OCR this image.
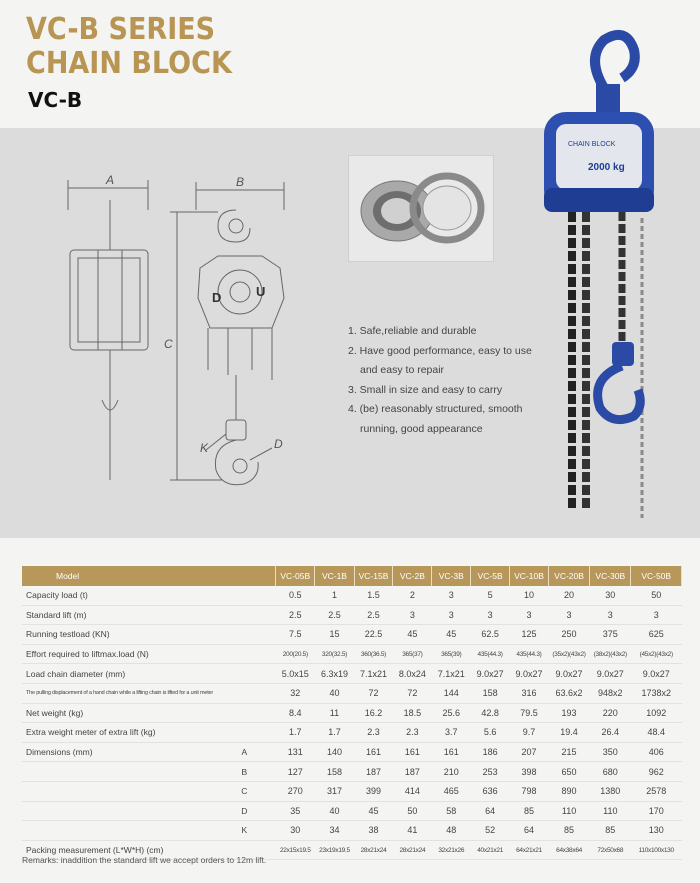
VC-B SERIES
CHAIN BLOCK
VC-B
A	B
C
D
K
D	U
1. Safe,reliable and durable
2. Have good performance, easy to use
and easy to repair
3. Small in size and easy to carry
4. (be) reasonably structured, smooth
running, good appearance
CHAIN BLOCK
2000 kg
Model		VC-05B	VC-1B	VC-15B	VC-2B	VC-3B	VC-5B	VC-10B	VC-20B	VC-30B	VC-50B
Capacity load (t)		0.5	1	1.5	2	3	5	10	20	30	50
Standard lift (m)		2.5	2.5	2.5	3	3	3	3	3	3	3
Running testload (KN)		7.5	15	22.5	45	45	62.5	125	250	375	625
Effort required to liftmax.load (N)		200(20.5)	320(32.5)	360(36.5)	365(37)	365(39)	435(44.3)	435(44.3)	(35x2)(43x2)	(38x2)(43x2)	(45x2)(43x2)
Load chain diameter (mm)		5.0x15	6.3x19	7.1x21	8.0x24	7.1x21	9.0x27	9.0x27	9.0x27	9.0x27	9.0x27
The pulling displacement of a hand chain while a lifting chain is lifted for a unit meter		32	40	72	72	144	158	316	63.6x2	948x2	1738x2
Net weight (kg)		8.4	11	16.2	18.5	25.6	42.8	79.5	193	220	1092
Extra weight meter of extra lift (kg)		1.7	1.7	2.3	2.3	3.7	5.6	9.7	19.4	26.4	48.4
Dimensions (mm)	A	131	140	161	161	161	186	207	215	350	406
	B	127	158	187	187	210	253	398	650	680	962
	C	270	317	399	414	465	636	798	890	1380	2578
	D	35	40	45	50	58	64	85	110	110	170
	K	30	34	38	41	48	52	64	85	85	130
Packing measurement (L*W*H) (cm)		22x15x19.5	23x19x19.5	28x21x24	28x21x24	32x21x26	40x21x21	64x21x21	64x38x64	72x50x68	110x100x130
Remarks: inaddition the standard lift we accept orders to 12m lift.
